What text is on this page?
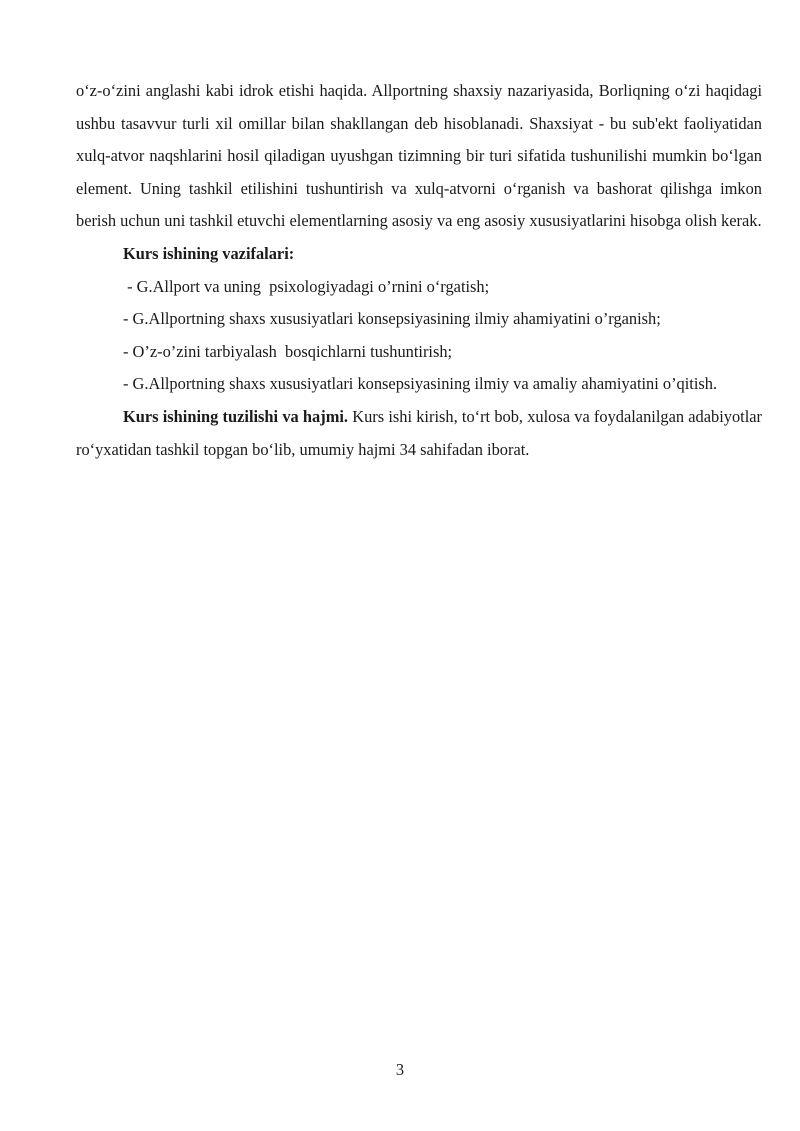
o‘z-o‘zini anglashi kabi idrok etishi haqida. Allportning shaxsiy nazariyasida, Borliqning o‘zi haqidagi ushbu tasavvur turli xil omillar bilan shakllangan deb hisoblanadi. Shaxsiyat - bu sub'ekt faoliyatidan xulq-atvor naqshlarini hosil qiladigan uyushgan tizimning bir turi sifatida tushunilishi mumkin bo‘lgan element. Uning tashkil etilishini tushuntirish va xulq-atvorni o‘rganish va bashorat qilishga imkon berish uchun uni tashkil etuvchi elementlarning asosiy va eng asosiy xususiyatlarini hisobga olish kerak.

Kurs ishining vazifalari:

- G.Allport va uning  psixologiyadagi o’rnini o‘rgatish;

- G.Allportning shaxs xususiyatlari konsepsiyasining ilmiy ahamiyatini o’rganish;

- O’z-o’zini tarbiyalash  bosqichlarni tushuntirish;

- G.Allportning shaxs xususiyatlari konsepsiyasining ilmiy va amaliy ahamiyatini o’qitish.

Kurs ishining tuzilishi va hajmi. Kurs ishi kirish, to‘rt bob, xulosa va foydalanilgan adabiyotlar ro‘yxatidan tashkil topgan bo‘lib, umumiy hajmi 34 sahifadan iborat.

3
